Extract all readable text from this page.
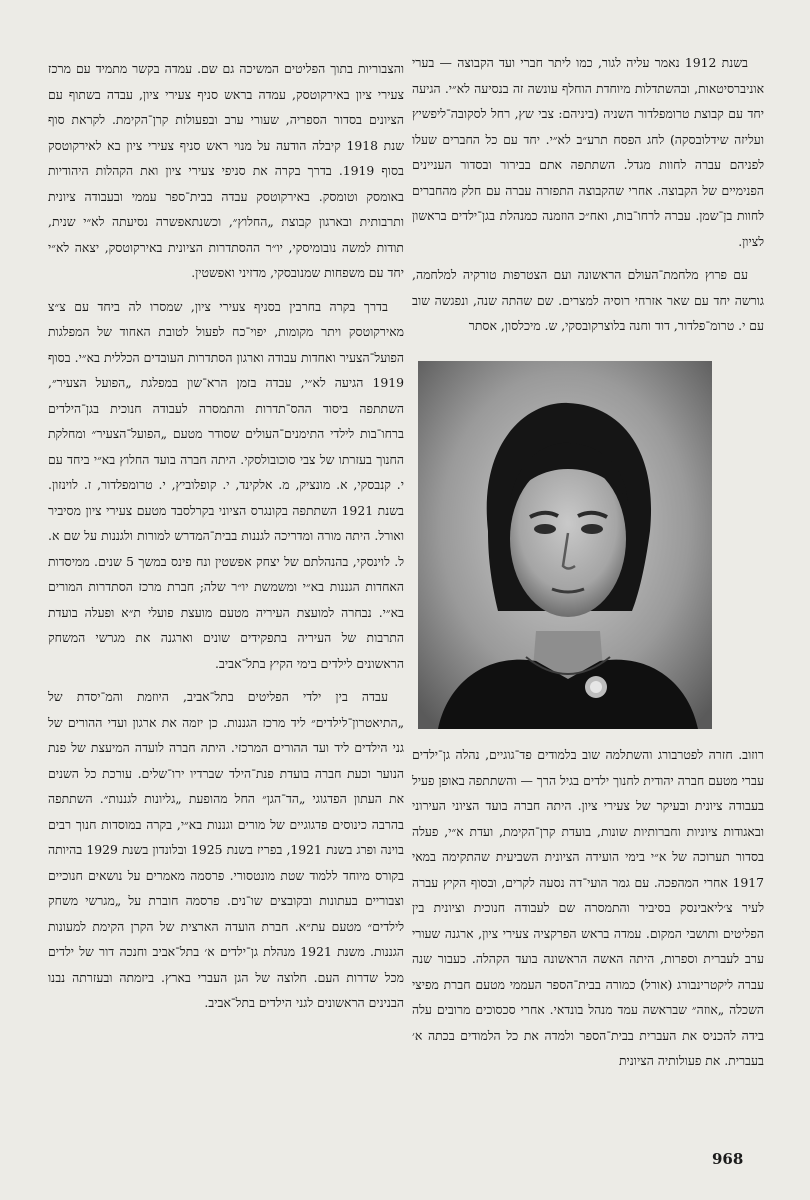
בשנת 1912 נאמר עליה לגור, כמו ליתר חברי ועד הקבוצה — בערי אוניברסיטאות, ובהשתדלות מיוחדת הוחלף עונשה זה בנסיעה לא״י. הגיעה יחד עם קבוצת טרומפלדור השניה (ביניהם: צבי שץ, רחל לסקובה־ליפשיץ ועליזה שידלובסקה) לחג הפסח תרע״ב לא״י. יחד עם כל החברים שעלו לפניהם עברה לחוות מגדל. השתתפה אתם בבירור ובסדור העניינים הפנימיים של הקבוצה. אחרי שהקבוצה התפזרה עברה עם חלק מהחברים לחוות בן־שמן. עברה לרחו־בות, ואח״כ הוזמנה כמנהלת בגן־ילדים בראשון לציון.

עם פרוץ מלחמת־העולם הראשונה ועם הצטרפות טורקיה למלחמה, גורשה יחד עם שאר אזרחי רוסיה למצרים. שם שהתה שנה, ונפגשה שוב עם י. טרומ־פלדור, דוד וחנה בלוצרקובסקי, ש. מיכלסון, אסתר

רוזוב. חזרה לפטרבורג והשתלמה שוב בלמודים פד־גוגיים, נהלה גן־ילדים עברי מטעם חברה יהודית לחנוך ילדים בגיל הרך — והשתתפה באופן פעיל בעבודה ציונית ובעיקר של צעירי ציון. היתה חברה בועד הציוני העירוני ובאגודות ציוניות וחברותיות שונות, בועדת קרן־הקימת, ועדת א״י, פעלה בסדור תערוכה של א״י בימי הועידה הציונית השביעית שהתקימה במאי 1917 אחרי המהפכה. עם גמר הועי־דה נסעה לקרים, ובסוף הקיץ עברה לעיר צ׳ליאבינסק בסיביר והתמסרה שם לעבודה חנוכית וציונית בין הפליטים ותושבי המקום. עמדה בראש הפרקציה צעירי ציון, ארגנה שעורי ערב לעברית וספרות, היתה האשה הראשונה בועד הקהלה. כעבור שנה עברה ליקטרינבורג (אורל) כמורה בבית־הספר העממי מטעם חברת מפיצי השכלה „אוזה״ שבראשה עמד מנהל בונדאי. אחרי סכסוכים מרובים עלה בידה להכניס את העברית בבית־הספר ולמדה את כל הלמודים בכתה א׳ בעברית. את פעולותיה הציונית

והצבוריות בתוך הפליטים המשיכה גם שם. עמדה בקשר מתמיד עם מרכז צעירי ציון באירקוטסק, עמדה בראש סניף צעירי ציון, עבדה בשתוף עם הציונים בסדור הספריה, שעורי ערב ובפעולות קרן־הקימת. לקראת סוף שנת 1918 קיבלה הודעה על מנוי ראש סניף צעירי ציון בא לאירקוטסק בסוף 1919. בדרך בקרה את סניפי צעירי ציון ואת הקהלות היהודיות באומסק וטומסק. באירקוטסק עבדה בבית־ספר עממי ובעבודה ציונית ותרבותית ובארגון קבוצת „החלוץ״, וכשנתאפשרה נסיעתה לא״י שנית, תודות למשה נובומיסקי, יו״ר ההסתדרות הציונית באירקוטסק, יצאה לא״י יחד עם משפחות שמנובסקי, מדזיני ואפשטין.

בדרך בקרה בחרבין בסניף צעירי ציון, שמסרו לה ביחד עם צ״צ מאירקוטסק ויתר מקומות, יפוי־כח לפעול לטובת האחוד של המפלגות הפועל־הצעיר ואחדות עבודה וארגון הסתדרות העובדים הכללית בא״י. בסוף 1919 הגיעה לא״י, עבדה בזמן הרא־שון במפלגת „הפועל הצעיר״, השתתפה ביסוד ההס־תדרות והתמסרה לעבודה חנוכית בגן־הילדים ברחו־בות לילדי התימנים־העולים שסודר מטעם „הפועל־הצעיר״ ומחלקת החנוך בעזרתו של צבי סוכובולסקי. היתה חברה בועד החלוץ בא״י ביחד עם י. קנבסקי, א. מונציק, מ. אלקינד, י. קופלוביץ, י. טרומפלדור, ז. לוינזון. בשנת 1921 השתתפה בקונגרס הציוני בקרלסבד מטעם צעירי ציון מסיביר ואורל. היתה מורה ומדריכה לגננות בבית־המדרש למורות ולגננות על שם א. ל. לוינסקי, בהנהלתם של יצחק אפשטין ונח פינס במשך 5 שנים. ממיסדות האחדות הגננות בא״י ומשמשת יו״ר שלה; חברת מרכז הסתדרות המורים בא״י. נבחרה למועצת העיריה מטעם מועצת פועלי ת״א ופעלה בועדת התרבות של העיריה בתפקידים שונים וארגנה את מגרשי המשחק הראשונים לילדים בימי הקיץ בתל־אביב.

עבדה בין ילדי הפליטים בתל־אביב, היוזמת והמ־יסדת של „התיאטרון־לילדים״ ליד מרכז הגננות. כן יזמה את ארגון ועדי ההורים של גני הילדים ליד ועד ההורים המרכזי. היתה חברה לועדה המיעצת של פנת הנוער וכעת חברה בועדת פנת־הילד שברדיו ירו־שלים. עורכת כל השנים את העתון הפדגוגי „הד־הגן״ החל מהופעת „גליונות לגננות״. השתתפה בהרבה כינוסים פדגוגיים של מורים וגננות בא״י, בקרה במוסדות חנוך רבים בוינה ופרג בשנת 1921, בפריז בשנת 1925 ובלונדון בשנת 1929 בהיותה בקורס מיוחד ללמוד שטת מונטסורי. פרסמה מאמרים על נושאים חנוכיים וצבוריים בעתונות ובקובצים שו־נים. פרסמה חוברת על „מגרשי משחק לילדים״ מטעם עת״א. חברת הועדה הארצית של הקרן הקימת למעונות הגננות. משנת 1921 מנהלת גן־ילדים א׳ בתל־אביב וחנכה דור של ילדים מכל שדרות העם. חלוצה של הגן העברי בארץ. ביזמתה ובעזרתה נבנו הבנינים הראשונים לגני הילדים בתל־אביב.

968
